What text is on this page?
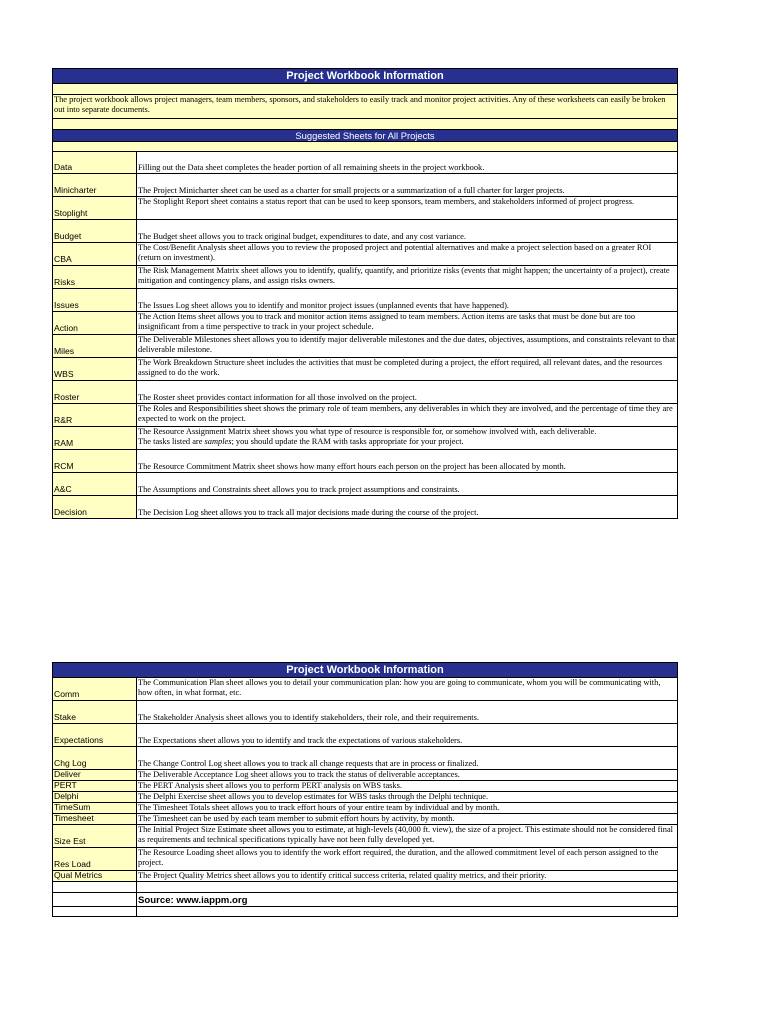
Project Workbook Information	

The project workbook allows project managers, team members, sponsors, and stakeholders to easily track and monitor project activities. Any of these worksheets can easily be broken out into separate documents.	

Suggested Sheets for All Projects	

Data	Filling out the Data sheet completes the header portion of all remaining sheets in the project workbook.
Minicharter	The Project Minicharter sheet can be used as a charter for small projects or a summarization of a full charter for larger projects.
Stoplight	The Stoplight Report sheet contains a status report that can be used to keep sponsors, team members, and stakeholders informed of project progress.
Budget	The Budget sheet allows you to track original budget, expenditures to date, and any cost variance.
CBA	The Cost/Benefit Analysis sheet allows you to review the proposed project and potential alternatives and make a project selection based on a greater ROI (return on investment).
Risks	The Risk Management Matrix sheet allows you to identify, qualify, quantify, and prioritize risks (events that might happen; the uncertainty of a project), create mitigation and contingency plans, and assign risks owners.
Issues	The Issues Log sheet allows you to identify and monitor project issues (unplanned events that have happened).
Action	The Action Items sheet allows you to track and monitor action items assigned to team members. Action items are tasks that must be done but are too insignificant from a time perspective to track in your project schedule.
Miles	The Deliverable Milestones sheet allows you to identify major deliverable milestones and the due dates, objectives, assumptions, and constraints relevant to that deliverable milestone.
WBS	The Work Breakdown Structure sheet includes the activities that must be completed during a project, the effort required, all relevant dates, and the resources assigned to do the work.
Roster	The Roster sheet provides contact information for all those involved on the project.
R&R	The Roles and Responsibilities sheet shows the primary role of team members, any deliverables in which they are involved, and the percentage of time they are expected to work on the project.
RAM	The Resource Assignment Matrix sheet shows you what type of resource is responsible for, or somehow involved with, each deliverable.
The tasks listed are samples; you should update the RAM with tasks appropriate for your project.
RCM	The Resource Commitment Matrix sheet shows how many effort hours each person on the project has been allocated by month.
A&C	The Assumptions and Constraints sheet allows you to track project assumptions and constraints.
Decision	The Decision Log sheet allows you to track all major decisions made during the course of the project.
Project Workbook Information	
Comm	The Communication Plan sheet allows you to detail your communication plan: how you are going to communicate, whom you will be communicating with, how often, in what format, etc.
Stake	The Stakeholder Analysis sheet allows you to identify stakeholders, their role, and their requirements.
Expectations	The Expectations sheet allows you to identify and track the expectations of various stakeholders.
Chg Log	The Change Control Log sheet allows you to track all change requests that are in process or finalized.
Deliver	The Deliverable Acceptance Log sheet allows you to track the status of deliverable acceptances.
PERT	The PERT Analysis sheet allows you to perform PERT analysis on WBS tasks.
Delphi	The Delphi Exercise sheet allows you to develop estimates for WBS tasks through the Delphi technique.
TimeSum	The Timesheet Totals sheet allows you to track effort hours of your entire team by individual and by month.
Timesheet	The Timesheet can be used by each team member to submit effort hours by activity, by month.
Size Est	The Initial Project Size Estimate sheet allows you to estimate, at high-levels (40,000 ft. view), the size of a project. This estimate should not be considered final as requirements and technical specifications typically have not been fully developed yet.
Res Load	The Resource Loading sheet allows you to identify the work effort required, the duration, and the allowed commitment level of each person assigned to the project.
Qual Metrics	The Project Quality Metrics sheet allows you to identify critical success criteria, related quality metrics, and their priority.

	Source: www.iappm.org
